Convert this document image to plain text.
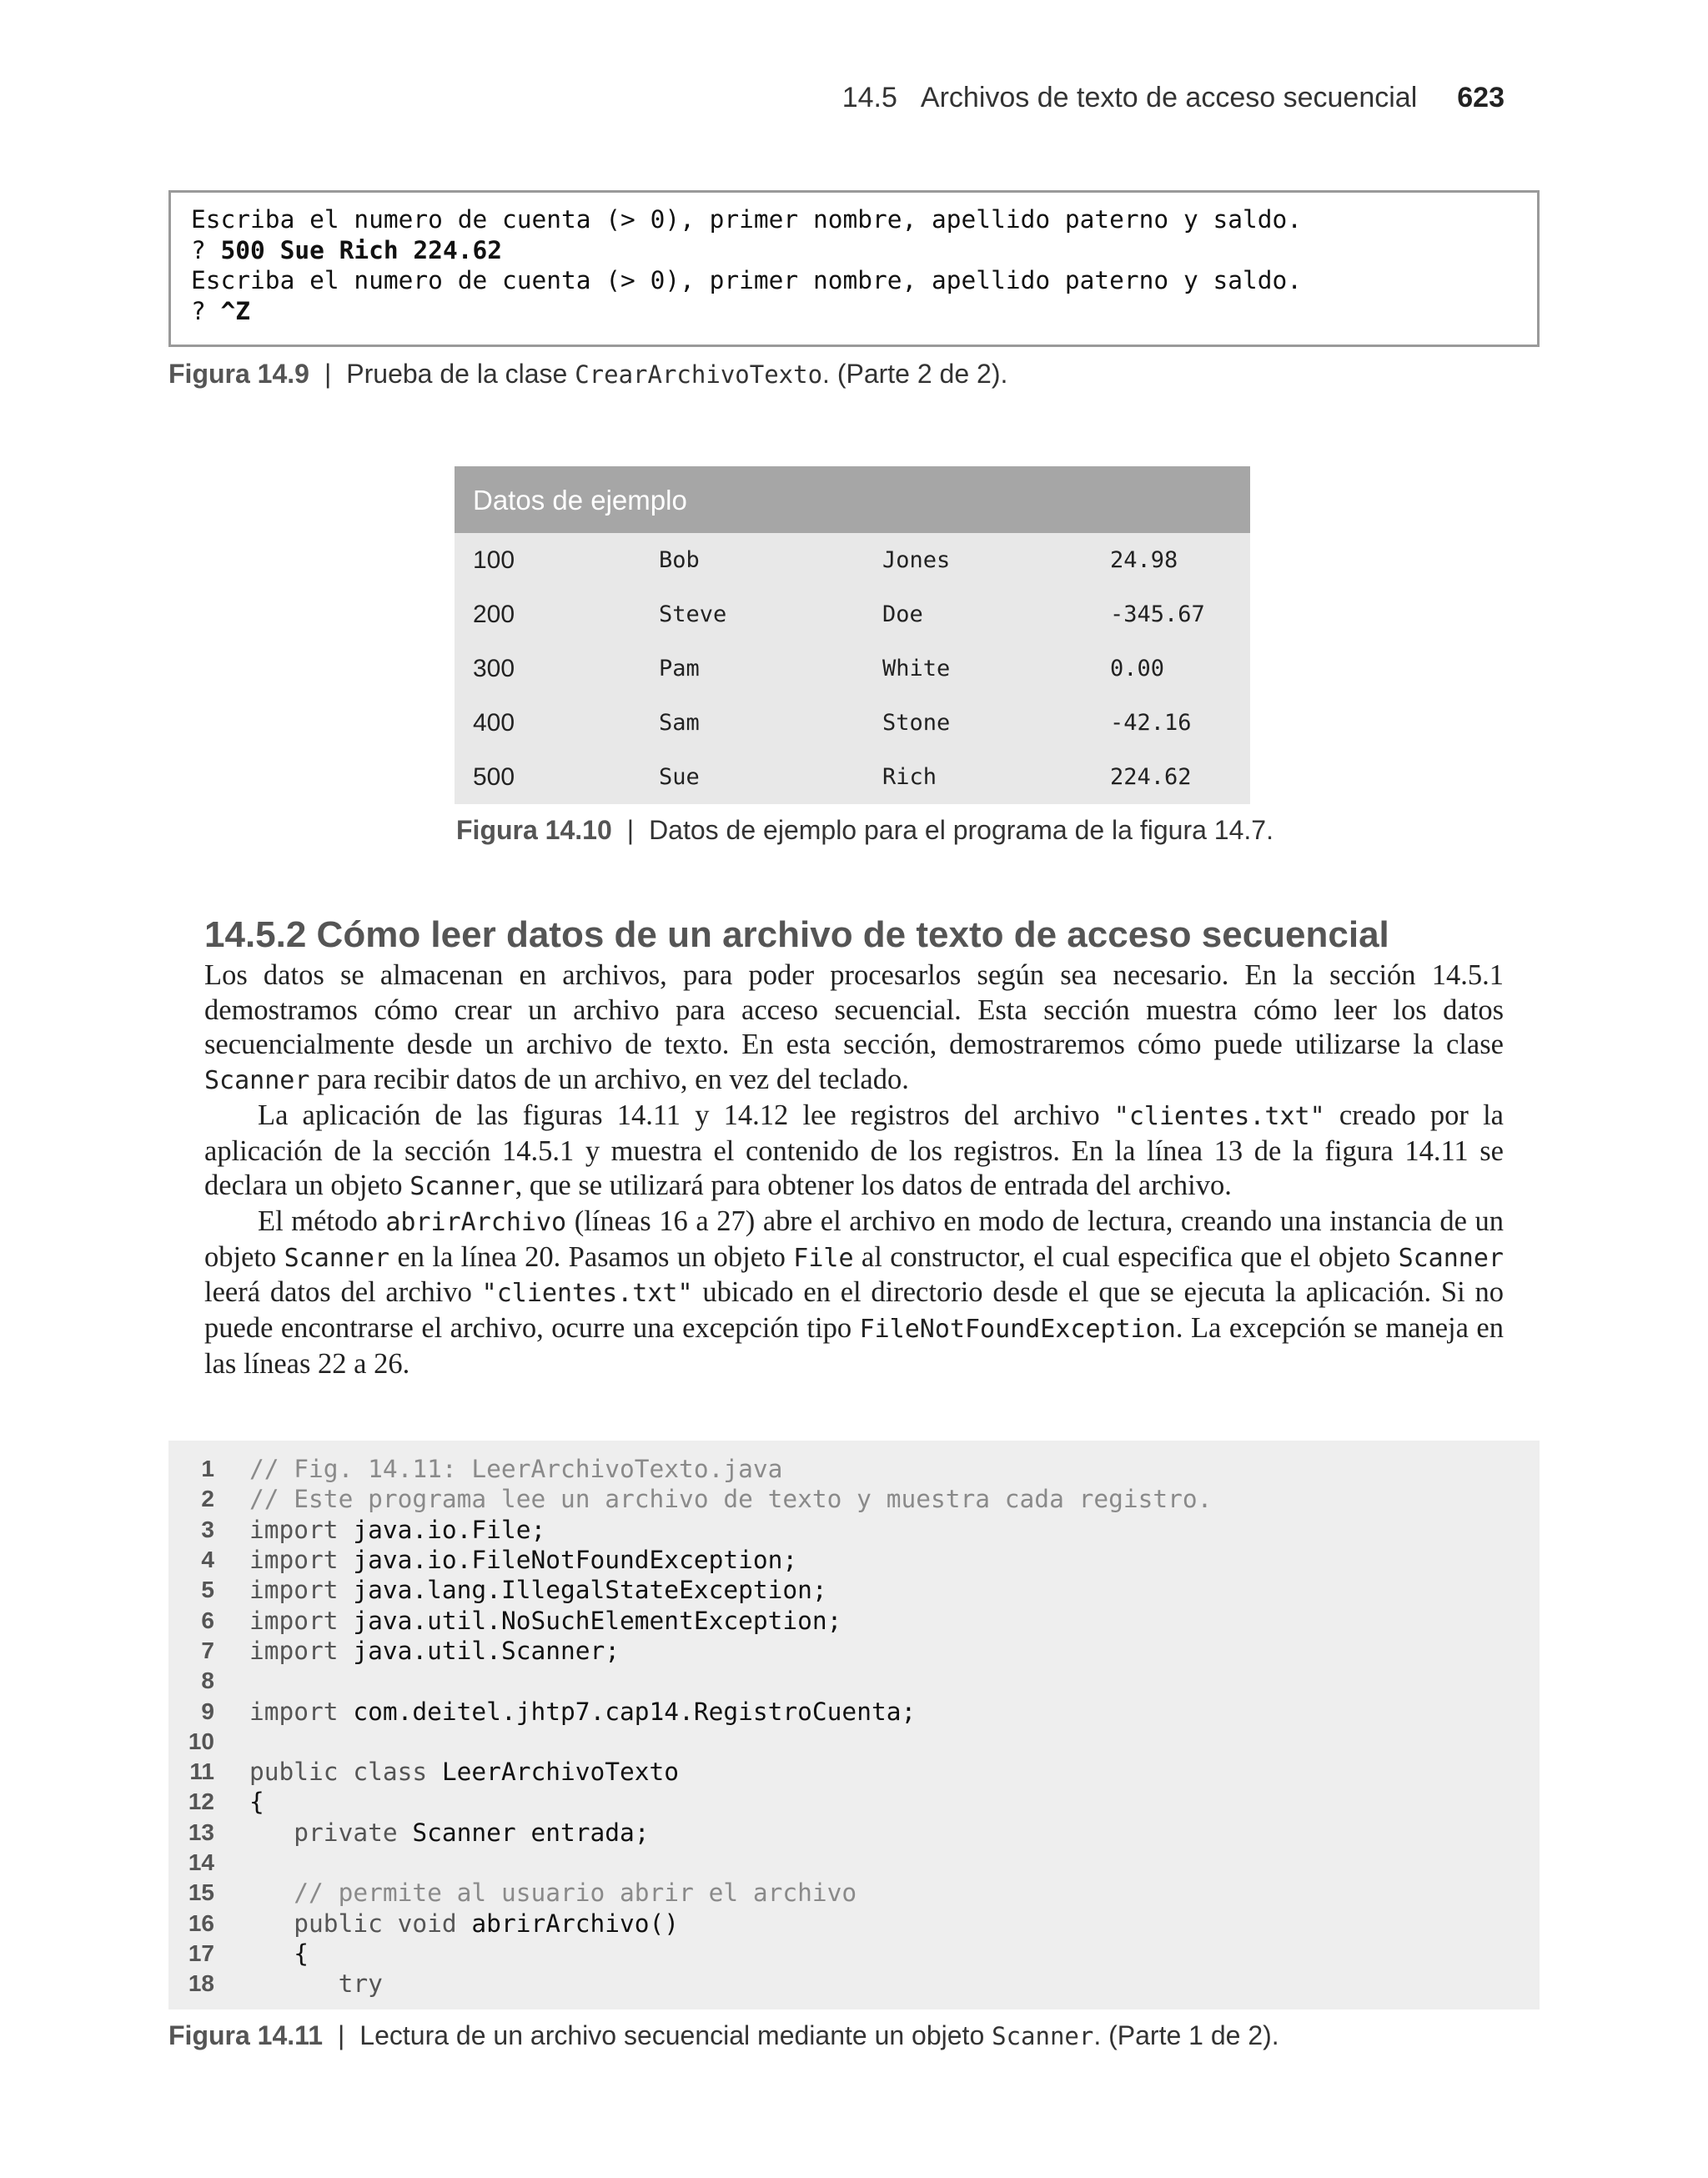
14.5 Archivos de texto de acceso secuencial 623
Escriba el numero de cuenta (> 0), primer nombre, apellido paterno y saldo.
? 500 Sue Rich 224.62
Escriba el numero de cuenta (> 0), primer nombre, apellido paterno y saldo.
? ^Z
Figura 14.9 | Prueba de la clase CrearArchivoTexto. (Parte 2 de 2).
Datos de ejemplo
100	Bob	Jones	24.98
200	Steve	Doe	-345.67
300	Pam	White	0.00
400	Sam	Stone	-42.16
500	Sue	Rich	224.62
Figura 14.10 | Datos de ejemplo para el programa de la figura 14.7.
14.5.2 Cómo leer datos de un archivo de texto de acceso secuencial

Los datos se almacenan en archivos, para poder procesarlos según sea necesario. En la sección 14.5.1 demostramos cómo crear un archivo para acceso secuencial. Esta sección muestra cómo leer los datos secuencialmente desde un archivo de texto. En esta sección, demostraremos cómo puede utilizarse la clase Scanner para recibir datos de un archivo, en vez del teclado.

La aplicación de las figuras 14.11 y 14.12 lee registros del archivo "clientes.txt" creado por la aplicación de la sección 14.5.1 y muestra el contenido de los registros. En la línea 13 de la figura 14.11 se declara un objeto Scanner, que se utilizará para obtener los datos de entrada del archivo.

El método abrirArchivo (líneas 16 a 27) abre el archivo en modo de lectura, creando una instancia de un objeto Scanner en la línea 20. Pasamos un objeto File al constructor, el cual especifica que el objeto Scanner leerá datos del archivo "clientes.txt" ubicado en el directorio desde el que se ejecuta la aplicación. Si no puede encontrarse el archivo, ocurre una excepción tipo FileNotFoundException. La excepción se maneja en las líneas 22 a 26.

1 // Fig. 14.11: LeerArchivoTexto.java
2 // Este programa lee un archivo de texto y muestra cada registro.
3 import java.io.File;
4 import java.io.FileNotFoundException;
5 import java.lang.IllegalStateException;
6 import java.util.NoSuchElementException;
7 import java.util.Scanner;
8
9 import com.deitel.jhtp7.cap14.RegistroCuenta;
10
11 public class LeerArchivoTexto
12 {
13 private Scanner entrada;
14
15	// permite al usuario abrir el archivo
16 public void abrirArchivo()
17 {
18 try
Figura 14.11 | Lectura de un archivo secuencial mediante un objeto Scanner. (Parte 1 de 2).
